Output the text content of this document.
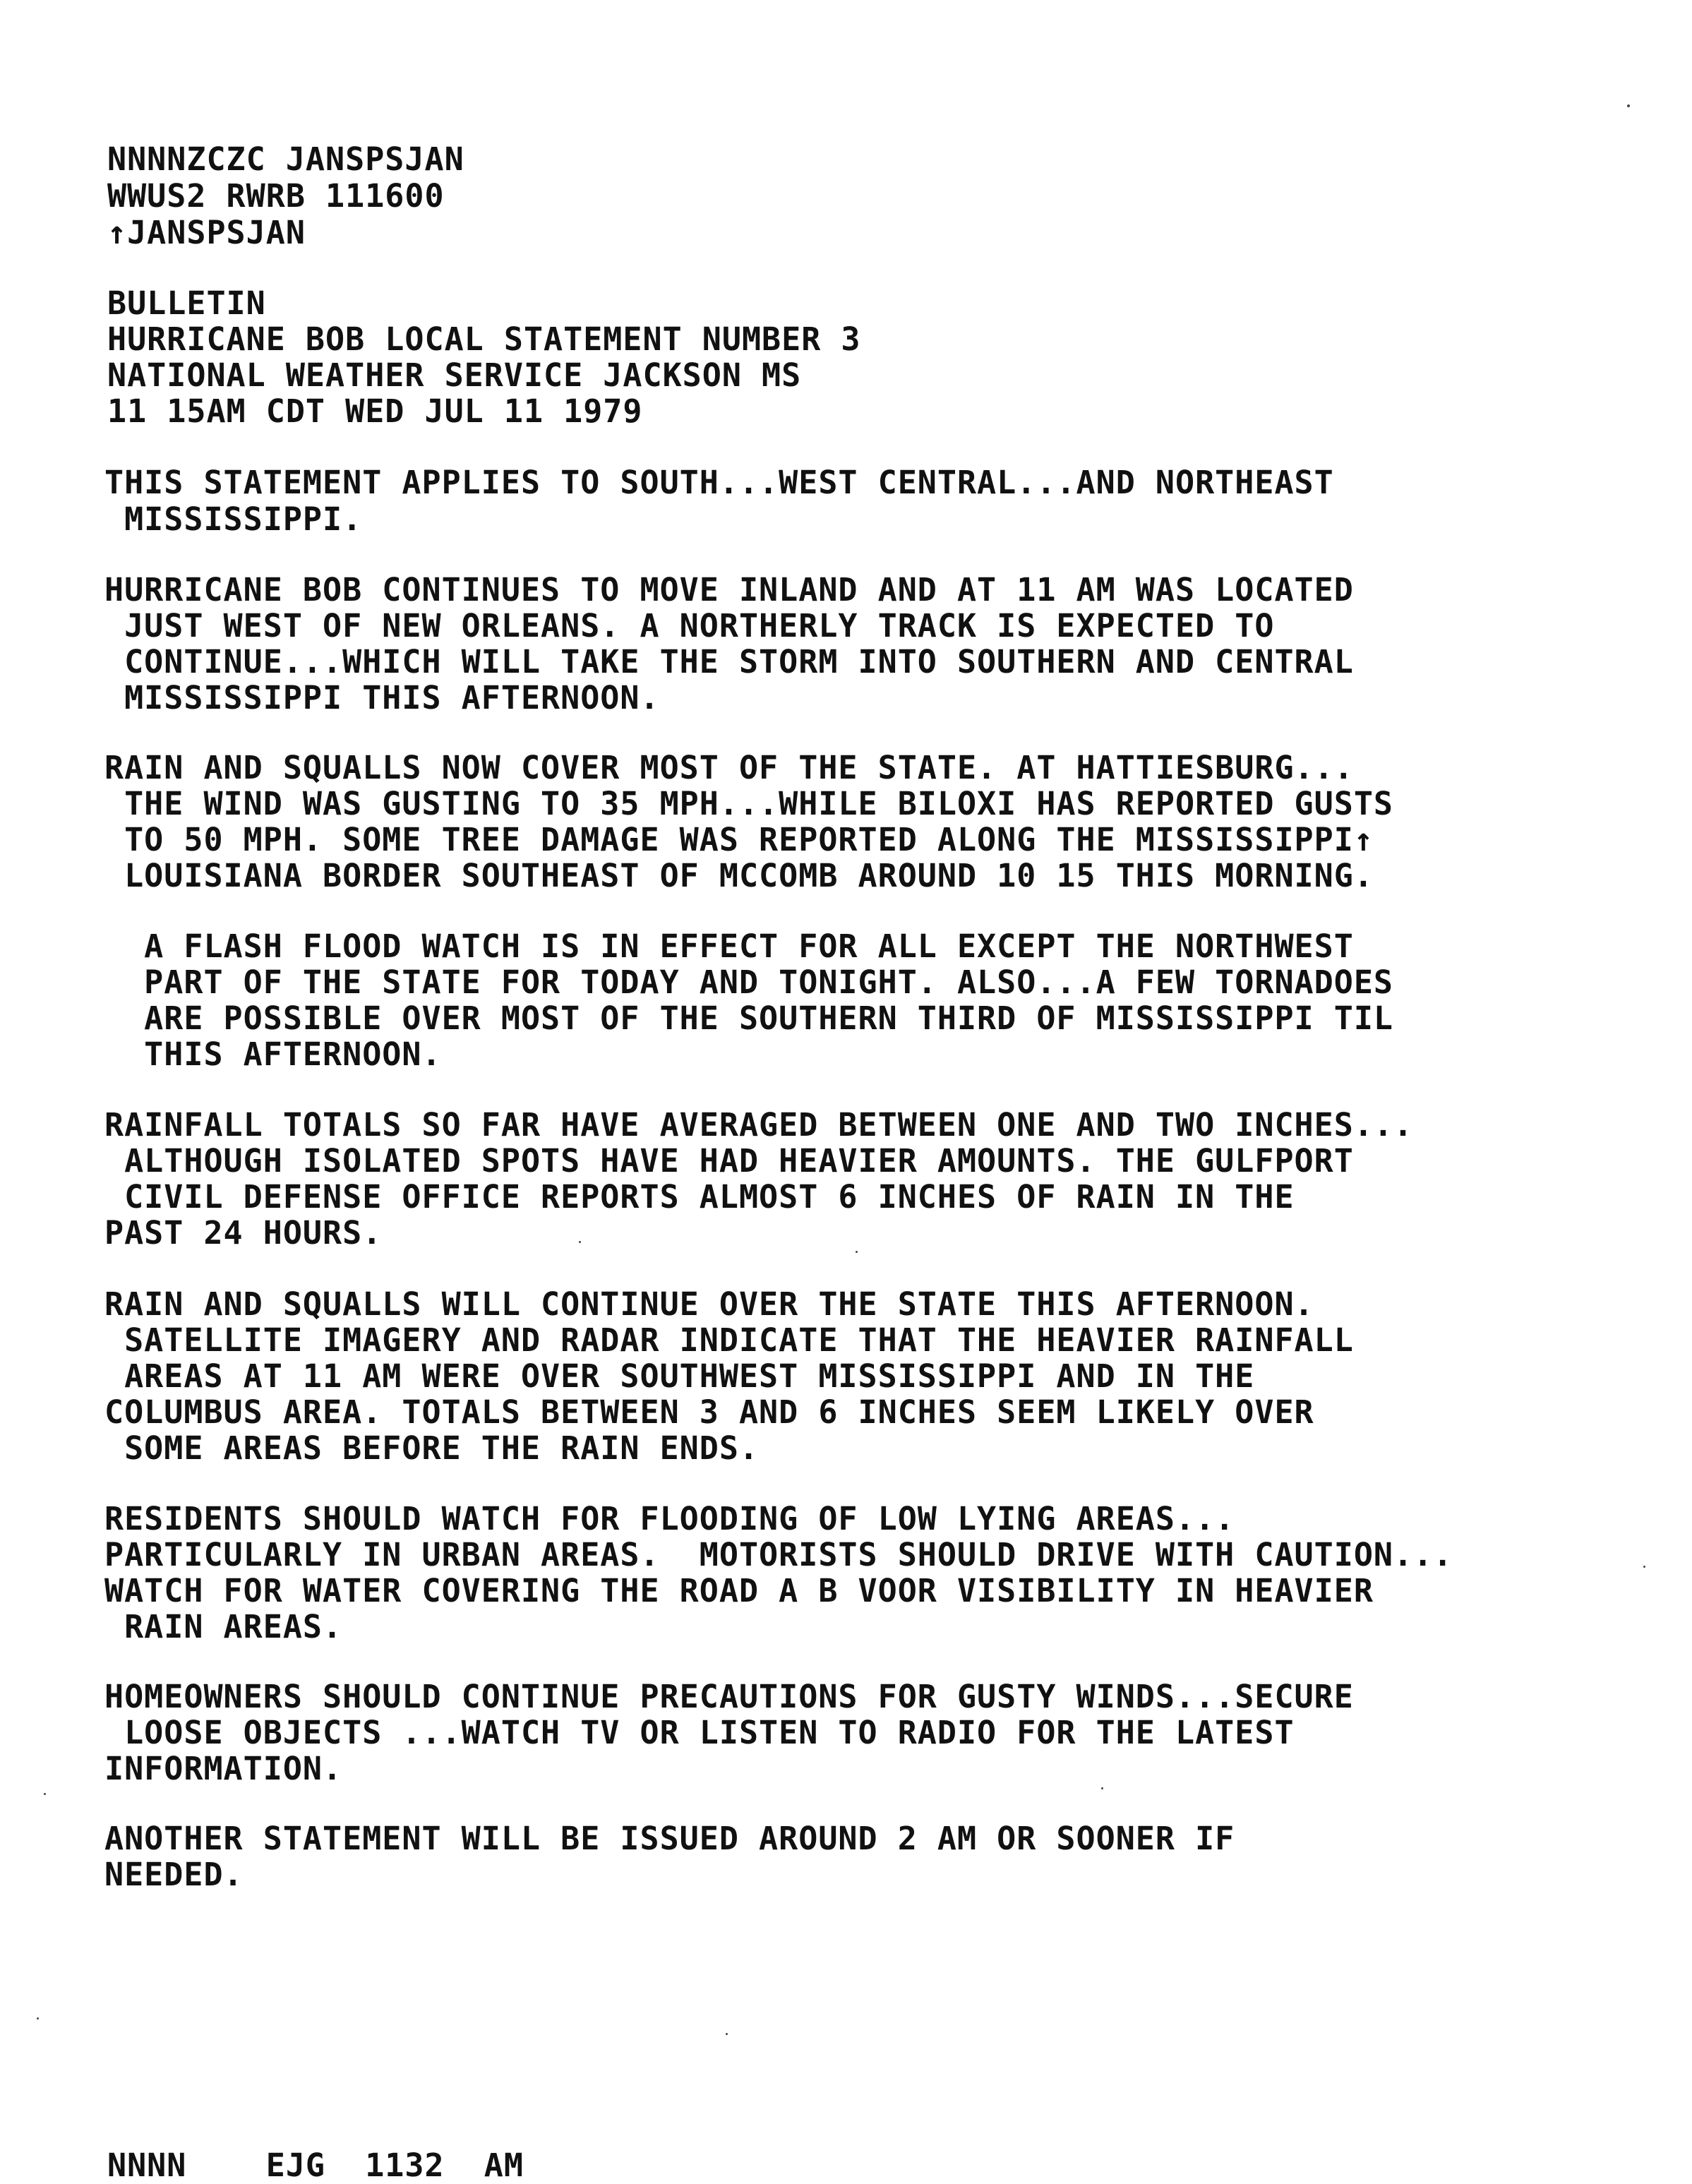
NNNNZCZC JANSPSJAN
WWUS2 RWRB 111600
↑JANSPSJAN
BULLETIN
HURRICANE BOB LOCAL STATEMENT NUMBER 3
NATIONAL WEATHER SERVICE JACKSON MS
11 15AM CDT WED JUL 11 1979
THIS STATEMENT APPLIES TO SOUTH...WEST CENTRAL...AND NORTHEAST
MISSISSIPPI.
HURRICANE BOB CONTINUES TO MOVE INLAND AND AT 11 AM WAS LOCATED
JUST WEST OF NEW ORLEANS. A NORTHERLY TRACK IS EXPECTED TO
CONTINUE...WHICH WILL TAKE THE STORM INTO SOUTHERN AND CENTRAL
MISSISSIPPI THIS AFTERNOON.
RAIN AND SQUALLS NOW COVER MOST OF THE STATE. AT HATTIESBURG...
THE WIND WAS GUSTING TO 35 MPH...WHILE BILOXI HAS REPORTED GUSTS
TO 50 MPH. SOME TREE DAMAGE WAS REPORTED ALONG THE MISSISSIPPI↑
LOUISIANA BORDER SOUTHEAST OF MCCOMB AROUND 10 15 THIS MORNING.
A FLASH FLOOD WATCH IS IN EFFECT FOR ALL EXCEPT THE NORTHWEST
PART OF THE STATE FOR TODAY AND TONIGHT. ALSO...A FEW TORNADOES
ARE POSSIBLE OVER MOST OF THE SOUTHERN THIRD OF MISSISSIPPI TIL
THIS AFTERNOON.
RAINFALL TOTALS SO FAR HAVE AVERAGED BETWEEN ONE AND TWO INCHES...
ALTHOUGH ISOLATED SPOTS HAVE HAD HEAVIER AMOUNTS. THE GULFPORT
CIVIL DEFENSE OFFICE REPORTS ALMOST 6 INCHES OF RAIN IN THE
PAST 24 HOURS.
RAIN AND SQUALLS WILL CONTINUE OVER THE STATE THIS AFTERNOON.
SATELLITE IMAGERY AND RADAR INDICATE THAT THE HEAVIER RAINFALL
AREAS AT 11 AM WERE OVER SOUTHWEST MISSISSIPPI AND IN THE
COLUMBUS AREA. TOTALS BETWEEN 3 AND 6 INCHES SEEM LIKELY OVER
SOME AREAS BEFORE THE RAIN ENDS.
RESIDENTS SHOULD WATCH FOR FLOODING OF LOW LYING AREAS...
PARTICULARLY IN URBAN AREAS.  MOTORISTS SHOULD DRIVE WITH CAUTION...
WATCH FOR WATER COVERING THE ROAD A B VOOR VISIBILITY IN HEAVIER
RAIN AREAS.
HOMEOWNERS SHOULD CONTINUE PRECAUTIONS FOR GUSTY WINDS...SECURE
LOOSE OBJECTS ...WATCH TV OR LISTEN TO RADIO FOR THE LATEST
INFORMATION.
ANOTHER STATEMENT WILL BE ISSUED AROUND 2 AM OR SOONER IF
NEEDED.
NNNN    EJG  1132  AM
